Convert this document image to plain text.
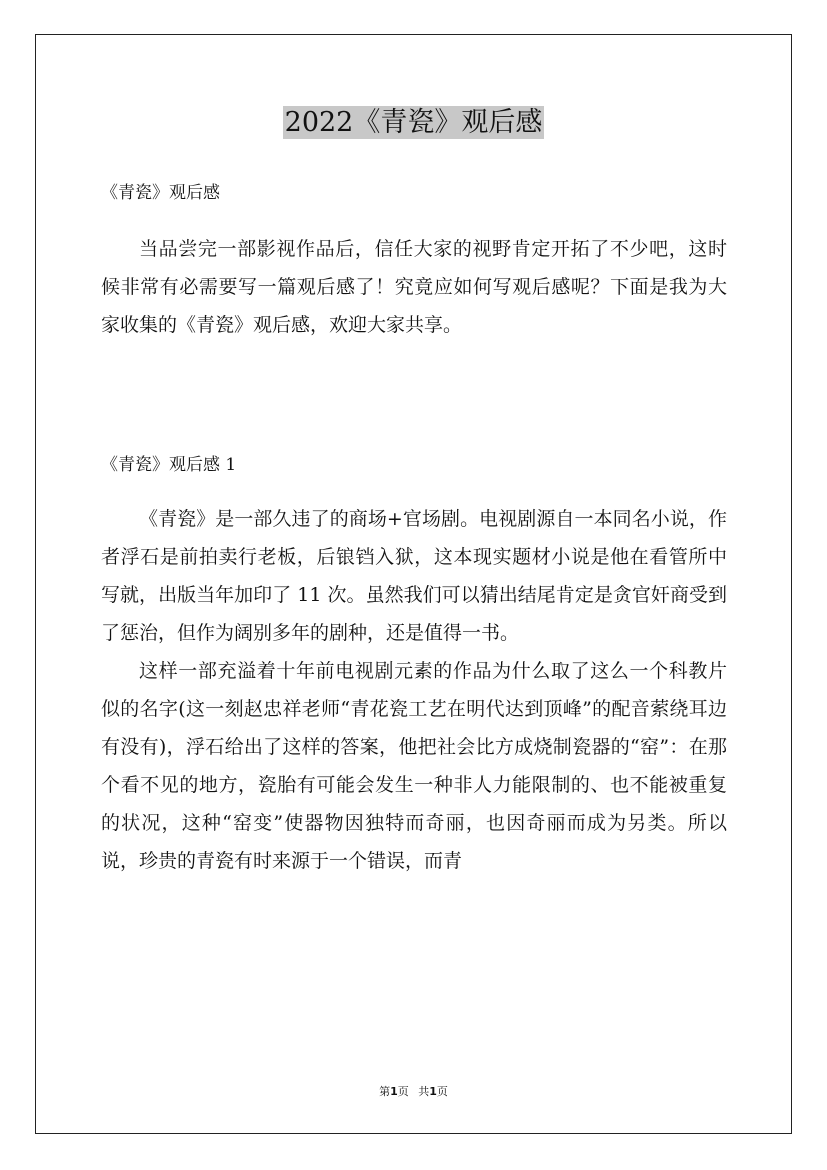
2022《青瓷》观后感
《青瓷》观后感

当品尝完一部影视作品后，信任大家的视野肯定开拓了不少吧，这时候非常有必需要写一篇观后感了！究竟应如何写观后感呢？下面是我为大家收集的《青瓷》观后感，欢迎大家共享。

《青瓷》观后感 1

《青瓷》是一部久违了的商场+官场剧。电视剧源自一本同名小说，作者浮石是前拍卖行老板，后锒铛入狱，这本现实题材小说是他在看管所中写就，出版当年加印了 11 次。虽然我们可以猜出结尾肯定是贪官奸商受到了惩治，但作为阔别多年的剧种，还是值得一书。

这样一部充溢着十年前电视剧元素的作品为什么取了这么一个科教片似的名字(这一刻赵忠祥老师“青花瓷工艺在明代达到顶峰”的配音萦绕耳边有没有)，浮石给出了这样的答案，他把社会比方成烧制瓷器的“窑”：在那个看不见的地方，瓷胎有可能会发生一种非人力能限制的、也不能被重复的状况，这种“窑变”使器物因独特而奇丽，也因奇丽而成为另类。所以说，珍贵的青瓷有时来源于一个错误，而青

第1页 共1页
